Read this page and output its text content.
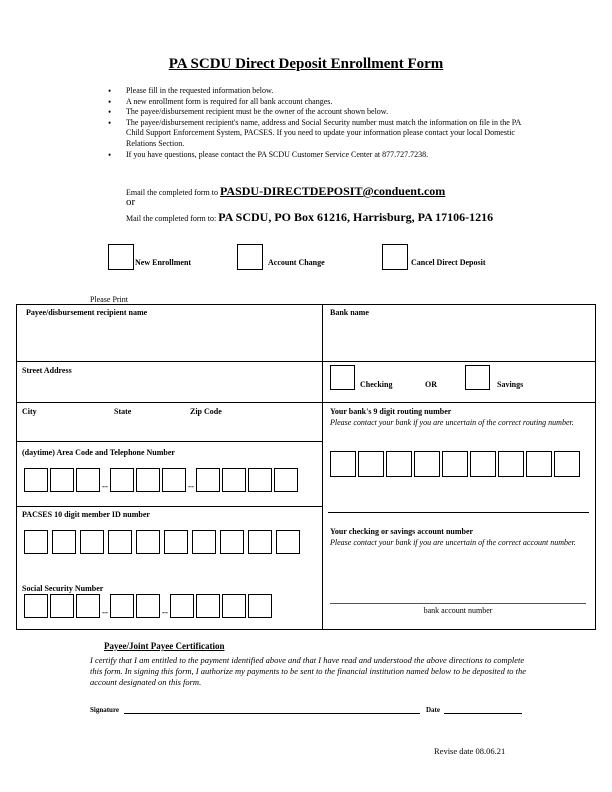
PA SCDU Direct Deposit Enrollment Form
• Please fill in the requested information below.
• A new enrollment form is required for all bank account changes.
• The payee/disbursement recipient must be the owner of the account shown below.
• The payee/disbursement recipient's name, address and Social Security number must match the information on file in the PA Child Support Enforcement System, PACSES. If you need to update your information please contact your local Domestic Relations Section.
• If you have questions, please contact the PA SCDU Customer Service Center at 877.727.7238.
Email the completed form to PASDU-DIRECTDEPOSIT@conduent.com
or
Mail the completed form to: PA SCDU, PO Box 61216, Harrisburg, PA 17106-1216
New Enrollment	Account Change	Cancel Direct Deposit
Please Print
Payee/disbursement recipient name
Street Address
City	State	Zip Code
(daytime) Area Code and Telephone Number
--	--
PACSES 10 digit member ID number
Social Security Number
--	--
Bank name
Checking	OR	Savings
Your bank's 9 digit routing number
Please contact your bank if you are uncertain of the correct routing number.
Your checking or savings account number
Please contact your bank if you are uncertain of the correct account number.
bank account number
Payee/Joint Payee Certification
I certify that I am entitled to the payment identified above and that I have read and understood the above directions to complete this form. In signing this form, I authorize my payments to be sent to the financial institution named below to be deposited to the account designated on this form.
Signature	Date
Revise date 08.06.21
